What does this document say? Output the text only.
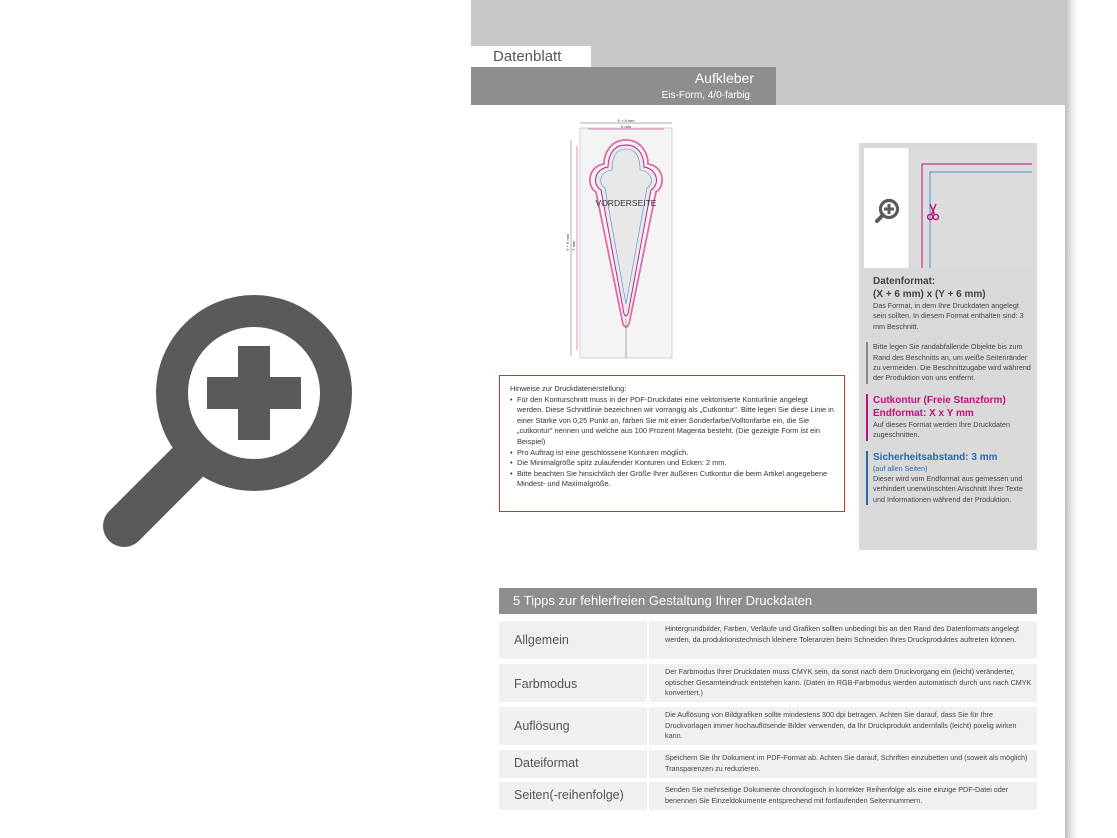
Datenblatt
Aufkleber
Eis-Form, 4/0-farbig
X + 6 mm
X mm
Y + 6 mm Y mm
VORDERSEITE
Hinweise zur Druckdatenerstellung:
• Für den Konturschnitt muss in der PDF-Druckdatei eine vektorisierte Konturlinie angelegt werden. Diese Schnittlinie bezeichnen wir vorrangig als „Cutkontur". Bitte legen Sie diese Linie in einer Stärke von 0,25 Punkt an, färben Sie mit einer Sonderfarbe/Volltonfarbe ein, die Sie „cutkontur" nennen und welche aus 100 Prozent Magenta besteht. (Die gezeigte Form ist ein Beispiel)
• Pro Auftrag ist eine geschlossene Konturen möglich.
• Die Minimalgröße spitz zulaufender Konturen und Ecken: 2 mm.
• Bitte beachten Sie hinsichtlich der Größe Ihrer äußeren Cutkontur die beim Artikel angegebene Mindest- und Maximalgröße.
Datenformat:
(X + 6 mm) x (Y + 6 mm)
Das Format, in dem Ihre Druckdaten angelegt sein sollten. In diesem Format enthalten sind: 3 mm Beschnitt.
Bitte legen Sie randabfallende Objekte bis zum Rand des Beschnitts an, um weiße Seitenränder zu vermeiden. Die Beschnittzugabe wird während der Produktion von uns entfernt.
Cutkontur (Freie Stanzform)
Endformat: X x Y mm
Auf dieses Format werden Ihre Druckdaten zugeschnitten.
Sicherheitsabstand: 3 mm
(auf allen Seiten)
Dieser wird vom Endformat aus gemessen und verhindert unerwünschten Anschnitt Ihrer Texte und Informationen während der Produktion.
5 Tipps zur fehlerfreien Gestaltung Ihrer Druckdaten
Allgemein
Hintergrundbilder, Farben, Verläufe und Grafiken sollten unbedingt bis an den Rand des Datenformats angelegt werden, da produktionstechnisch kleinere Toleranzen beim Schneiden Ihres Druckproduktes auftreten können.
Farbmodus
Der Farbmodus Ihrer Druckdaten muss CMYK sein, da sonst nach dem Druckvorgang ein (leicht) veränderter, optischer Gesamteindruck entstehen kann. (Daten im RGB-Farbmodus werden automatisch durch uns nach CMYK konvertiert.)
Auflösung
Die Auflösung von Bildgrafiken sollte mindestens 300 dpi betragen. Achten Sie darauf, dass Sie für Ihre Druckvorlagen immer hochauflösende Bilder verwenden, da Ihr Druckprodukt andernfalls (leicht) pixelig wirken kann.
Dateiformat	Speichern Sie Ihr Dokument im PDF-Format ab. Achten Sie darauf, Schriften einzubetten und (soweit als möglich) Transparenzen zu reduzieren.
Seiten(-reihenfolge)	Senden Sie mehrseitige Dokumente chronologisch in korrekter Reihenfolge als eine einzige PDF-Datei oder benennen Sie Einzeldokumente entsprechend mit fortlaufenden Seitennummern.
